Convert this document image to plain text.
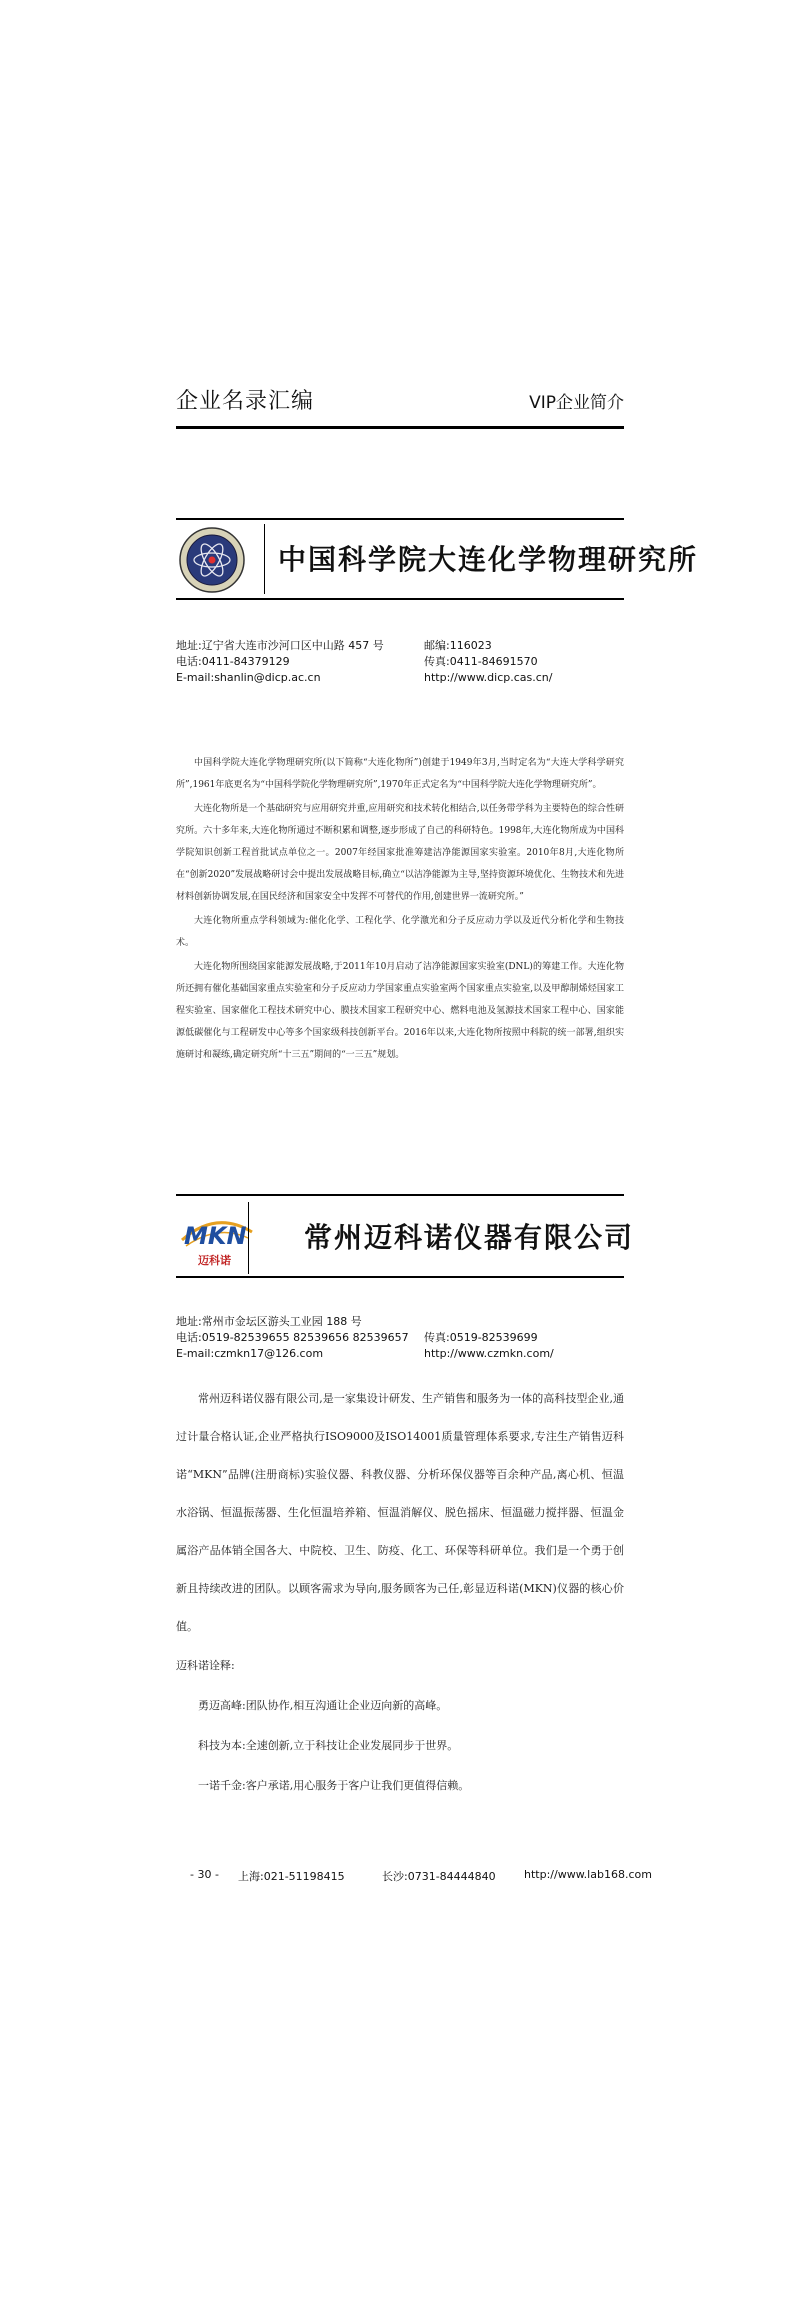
企业名录汇编	VIP企业简介
中国科学院大连化学物理研究所
地址:辽宁省大连市沙河口区中山路 457 号	邮编:116023
电话:0411-84379129	传真:0411-84691570
E-mail:shanlin@dicp.ac.cn	http://www.dicp.cas.cn/

中国科学院大连化学物理研究所(以下简称“大连化物所”)创建于1949年3月,当时定名为“大连大学科学研究所”,1961年底更名为“中国科学院化学物理研究所”,1970年正式定名为“中国科学院大连化学物理研究所”。

大连化物所是一个基础研究与应用研究并重,应用研究和技术转化相结合,以任务带学科为主要特色的综合性研究所。六十多年来,大连化物所通过不断积累和调整,逐步形成了自己的科研特色。1998年,大连化物所成为中国科学院知识创新工程首批试点单位之一。2007年经国家批准筹建洁净能源国家实验室。2010年8月,大连化物所在“创新2020”发展战略研讨会中提出发展战略目标,确立“以洁净能源为主导,坚持资源环境优化、生物技术和先进材料创新协调发展,在国民经济和国家安全中发挥不可替代的作用,创建世界一流研究所。”

大连化物所重点学科领域为:催化化学、工程化学、化学激光和分子反应动力学以及近代分析化学和生物技术。

大连化物所围绕国家能源发展战略,于2011年10月启动了洁净能源国家实验室(DNL)的筹建工作。大连化物所还拥有催化基础国家重点实验室和分子反应动力学国家重点实验室两个国家重点实验室,以及甲醇制烯烃国家工程实验室、国家催化工程技术研究中心、膜技术国家工程研究中心、燃料电池及氢源技术国家工程中心、国家能源低碳催化与工程研发中心等多个国家级科技创新平台。2016年以来,大连化物所按照中科院的统一部署,组织实施研讨和凝练,确定研究所“十三五”期间的“一三五”规划。

MKN
迈科诺
常州迈科诺仪器有限公司
地址:常州市金坛区游头工业园 188 号
电话:0519-82539655 82539656 82539657 传真:0519-82539699
E-mail:czmkn17@126.com	http://www.czmkn.com/

常州迈科诺仪器有限公司,是一家集设计研发、生产销售和服务为一体的高科技型企业,通过计量合格认证,企业严格执行ISO9000及ISO14001质量管理体系要求,专注生产销售迈科诺“MKN”品牌(注册商标)实验仪器、科教仪器、分析环保仪器等百余种产品,离心机、恒温水浴锅、恒温振荡器、生化恒温培养箱、恒温消解仪、脱色摇床、恒温磁力搅拌器、恒温金属浴产品体销全国各大、中院校、卫生、防疫、化工、环保等科研单位。我们是一个勇于创新且持续改进的团队。以顾客需求为导向,服务顾客为己任,彰显迈科诺(MKN)仪器的核心价值。

迈科诺诠释:

勇迈高峰:团队协作,相互沟通让企业迈向新的高峰。

科技为本:全速创新,立于科技让企业发展同步于世界。

一诺千金:客户承诺,用心服务于客户让我们更值得信赖。

- 30 - 上海:021-51198415	长沙:0731-84444840	http://www.lab168.com
